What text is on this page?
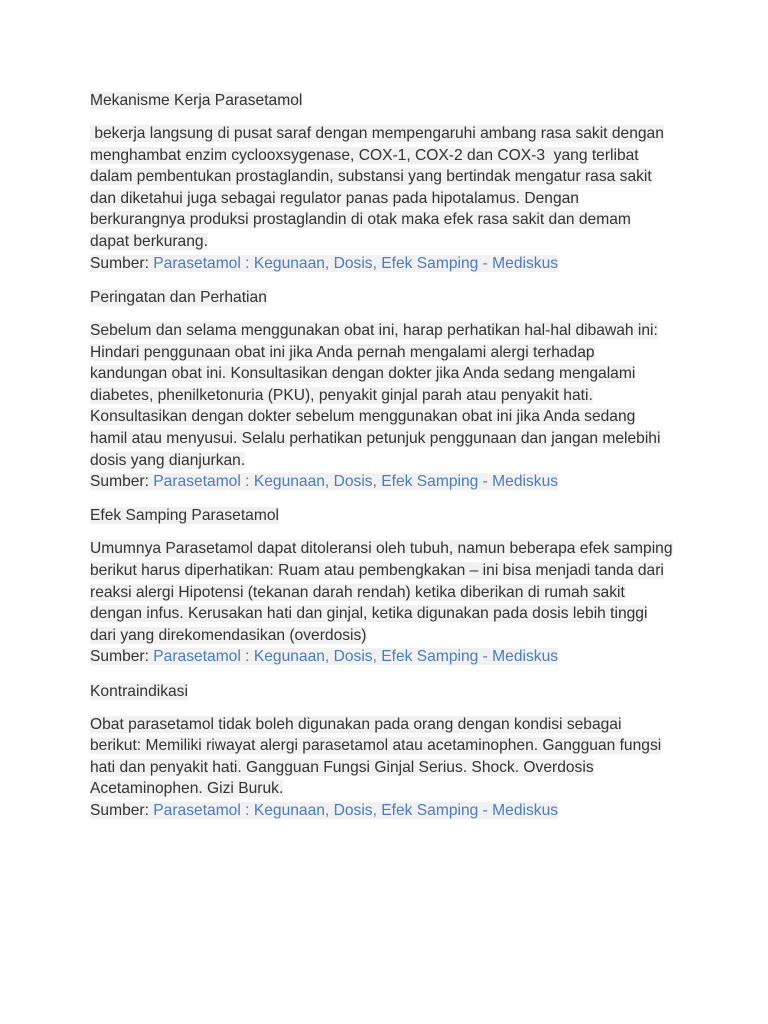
Mekanisme Kerja Parasetamol
bekerja langsung di pusat saraf dengan mempengaruhi ambang rasa sakit dengan
menghambat enzim cyclooxsygenase, COX-1, COX-2 dan COX-3  yang terlibat
dalam pembentukan prostaglandin, substansi yang bertindak mengatur rasa sakit
dan diketahui juga sebagai regulator panas pada hipotalamus. Dengan
berkurangnya produksi prostaglandin di otak maka efek rasa sakit dan demam
dapat berkurang.
Sumber: Parasetamol : Kegunaan, Dosis, Efek Samping - Mediskus
Peringatan dan Perhatian
Sebelum dan selama menggunakan obat ini, harap perhatikan hal-hal dibawah ini:
Hindari penggunaan obat ini jika Anda pernah mengalami alergi terhadap
kandungan obat ini. Konsultasikan dengan dokter jika Anda sedang mengalami
diabetes, phenilketonuria (PKU), penyakit ginjal parah atau penyakit hati.
Konsultasikan dengan dokter sebelum menggunakan obat ini jika Anda sedang
hamil atau menyusui. Selalu perhatikan petunjuk penggunaan dan jangan melebihi
dosis yang dianjurkan.
Sumber: Parasetamol : Kegunaan, Dosis, Efek Samping - Mediskus
Efek Samping Parasetamol
Umumnya Parasetamol dapat ditoleransi oleh tubuh, namun beberapa efek samping
berikut harus diperhatikan: Ruam atau pembengkakan – ini bisa menjadi tanda dari
reaksi alergi Hipotensi (tekanan darah rendah) ketika diberikan di rumah sakit
dengan infus. Kerusakan hati dan ginjal, ketika digunakan pada dosis lebih tinggi
dari yang direkomendasikan (overdosis)
Sumber: Parasetamol : Kegunaan, Dosis, Efek Samping - Mediskus
Kontraindikasi
Obat parasetamol tidak boleh digunakan pada orang dengan kondisi sebagai
berikut: Memiliki riwayat alergi parasetamol atau acetaminophen. Gangguan fungsi
hati dan penyakit hati. Gangguan Fungsi Ginjal Serius. Shock. Overdosis
Acetaminophen. Gizi Buruk.
Sumber: Parasetamol : Kegunaan, Dosis, Efek Samping - Mediskus
